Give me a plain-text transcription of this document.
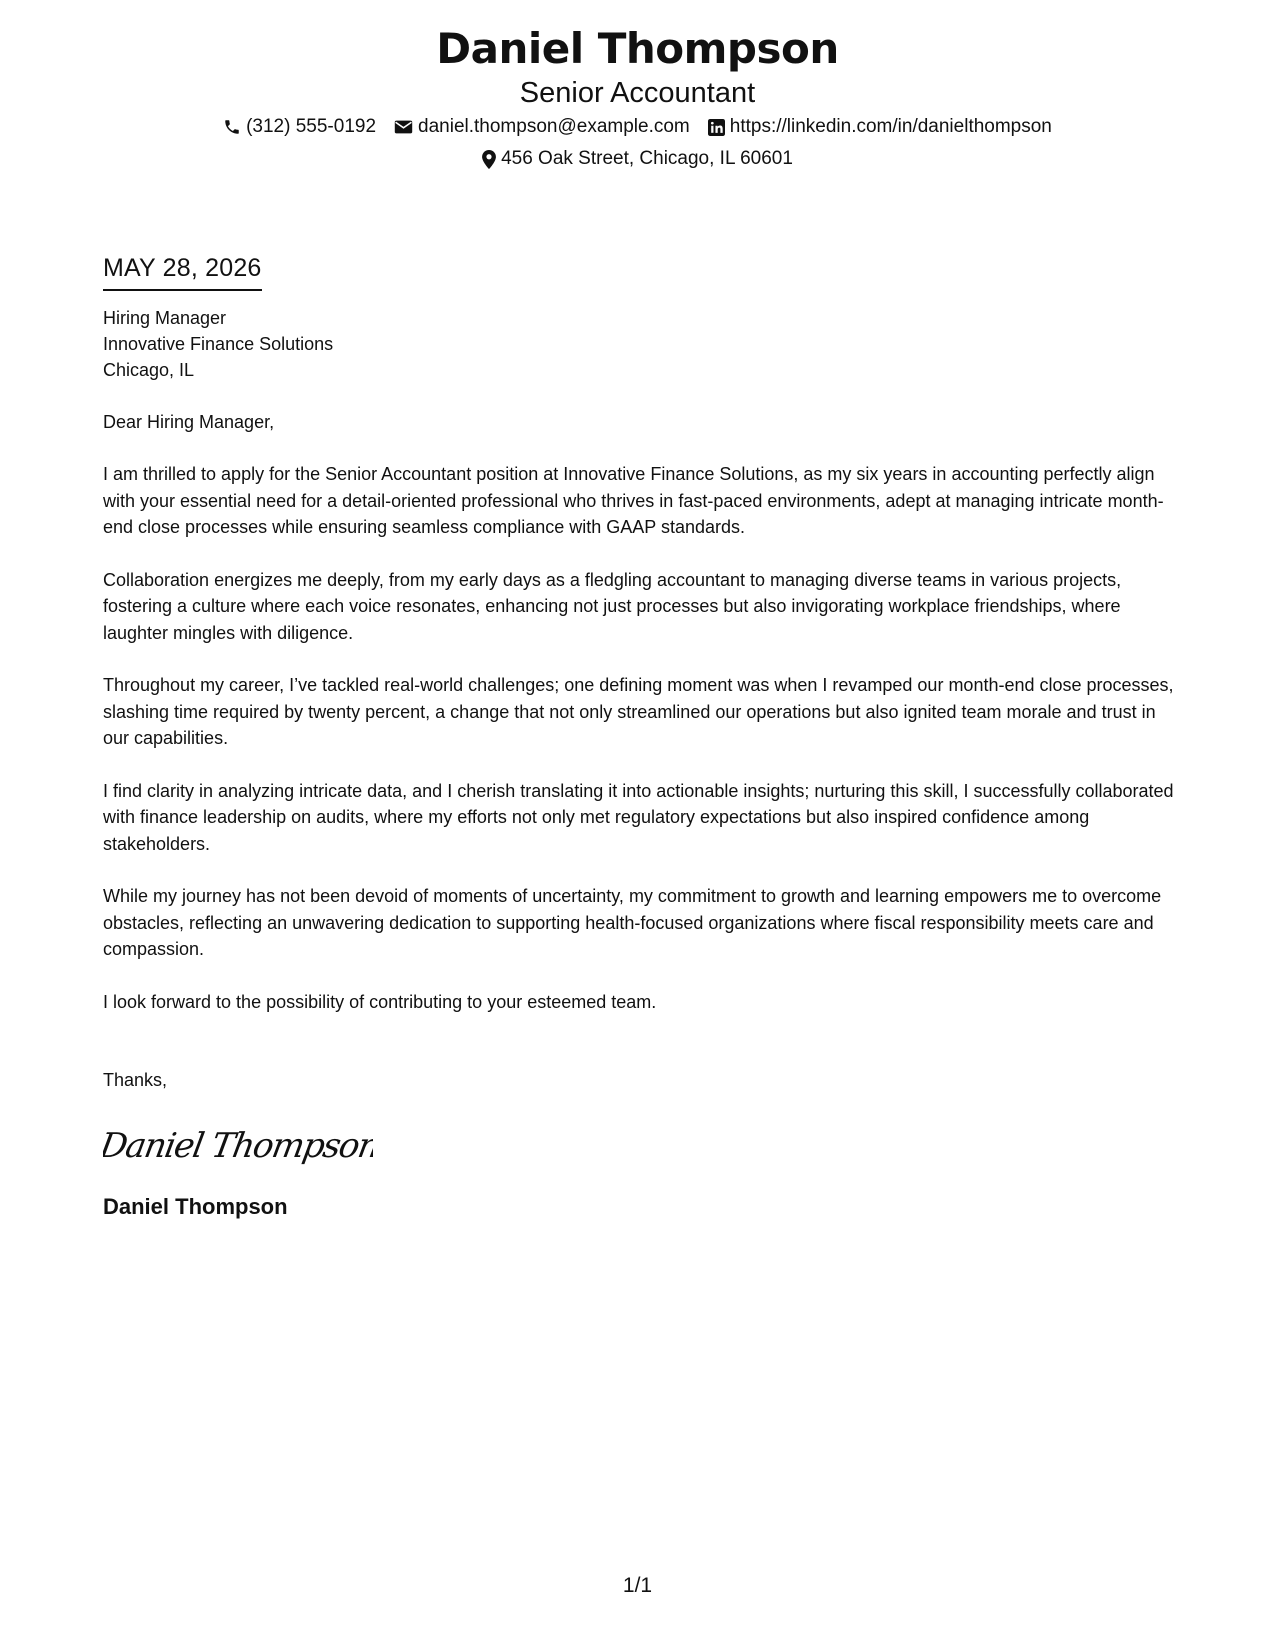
Daniel Thompson
Senior Accountant
(312) 555-0192 daniel.thompson@example.com https://linkedin.com/in/danielthompson
456 Oak Street, Chicago, IL 60601
MAY 28, 2026
Hiring Manager
Innovative Finance Solutions
Chicago, IL
Dear Hiring Manager,
I am thrilled to apply for the Senior Accountant position at Innovative Finance Solutions, as my six years in accounting perfectly align with your essential need for a detail-oriented professional who thrives in fast-paced environments, adept at managing intricate month-end close processes while ensuring seamless compliance with GAAP standards.
Collaboration energizes me deeply, from my early days as a fledgling accountant to managing diverse teams in various projects, fostering a culture where each voice resonates, enhancing not just processes but also invigorating workplace friendships, where laughter mingles with diligence.
Throughout my career, I’ve tackled real-world challenges; one defining moment was when I revamped our month-end close processes, slashing time required by twenty percent, a change that not only streamlined our operations but also ignited team morale and trust in our capabilities.
I find clarity in analyzing intricate data, and I cherish translating it into actionable insights; nurturing this skill, I successfully collaborated with finance leadership on audits, where my efforts not only met regulatory expectations but also inspired confidence among stakeholders.
While my journey has not been devoid of moments of uncertainty, my commitment to growth and learning empowers me to overcome obstacles, reflecting an unwavering dedication to supporting health-focused organizations where fiscal responsibility meets care and compassion.
I look forward to the possibility of contributing to your esteemed team.
Thanks,
Daniel Thompson
Daniel Thompson
1/1
